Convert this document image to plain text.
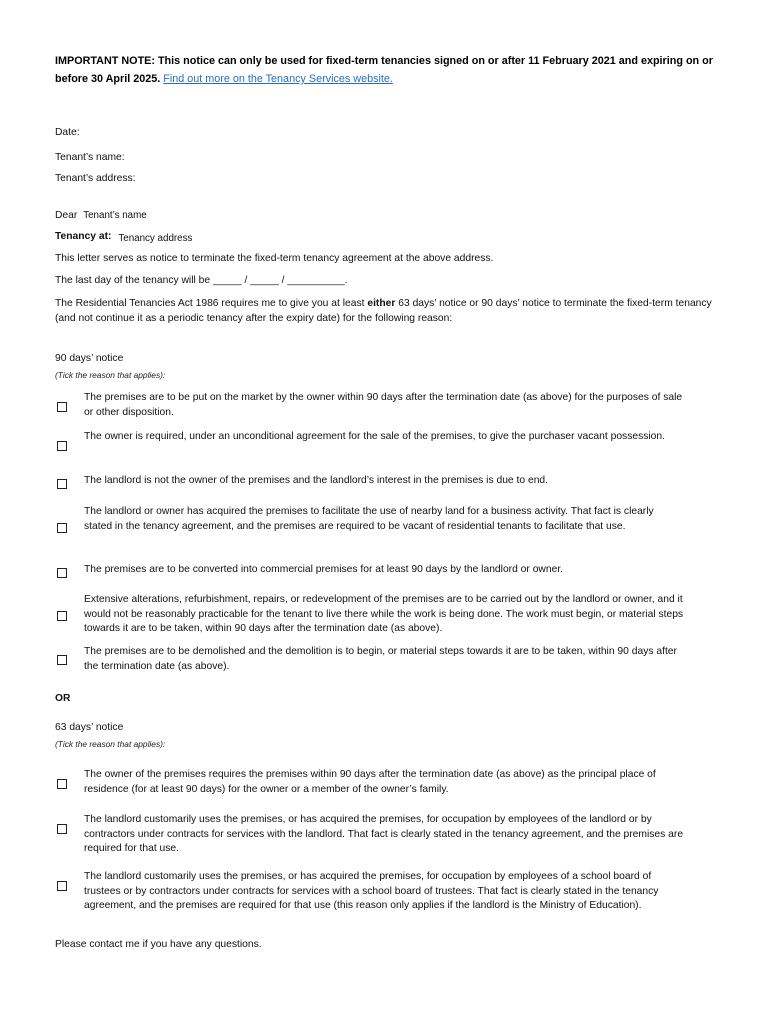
IMPORTANT NOTE: This notice can only be used for fixed-term tenancies signed on or after 11 February 2021 and expiring on or before 30 April 2025. Find out more on the Tenancy Services website.
Date:
Tenant’s name:
Tenant’s address:
Dear Tenant’s name
Tenancy at: Tenancy address
This letter serves as notice to terminate the fixed-term tenancy agreement at the above address.
The last day of the tenancy will be _____ / _____ / __________.
The Residential Tenancies Act 1986 requires me to give you at least either 63 days’ notice or 90 days’ notice to terminate the fixed-term tenancy (and not continue it as a periodic tenancy after the expiry date) for the following reason:
90 days’ notice
(Tick the reason that applies):
The premises are to be put on the market by the owner within 90 days after the termination date (as above) for the purposes of sale or other disposition.
The owner is required, under an unconditional agreement for the sale of the premises, to give the purchaser vacant possession.
The landlord is not the owner of the premises and the landlord’s interest in the premises is due to end.
The landlord or owner has acquired the premises to facilitate the use of nearby land for a business activity. That fact is clearly stated in the tenancy agreement, and the premises are required to be vacant of residential tenants to facilitate that use.
The premises are to be converted into commercial premises for at least 90 days by the landlord or owner.
Extensive alterations, refurbishment, repairs, or redevelopment of the premises are to be carried out by the landlord or owner, and it would not be reasonably practicable for the tenant to live there while the work is being done. The work must begin, or material steps towards it are to be taken, within 90 days after the termination date (as above).
The premises are to be demolished and the demolition is to begin, or material steps towards it are to be taken, within 90 days after the termination date (as above).
OR
63 days’ notice
(Tick the reason that applies):
The owner of the premises requires the premises within 90 days after the termination date (as above) as the principal place of residence (for at least 90 days) for the owner or a member of the owner’s family.
The landlord customarily uses the premises, or has acquired the premises, for occupation by employees of the landlord or by contractors under contracts for services with the landlord. That fact is clearly stated in the tenancy agreement, and the premises are required for that use.
The landlord customarily uses the premises, or has acquired the premises, for occupation by employees of a school board of trustees or by contractors under contracts for services with a school board of trustees. That fact is clearly stated in the tenancy agreement, and the premises are required for that use (this reason only applies if the landlord is the Ministry of Education).
Please contact me if you have any questions.
